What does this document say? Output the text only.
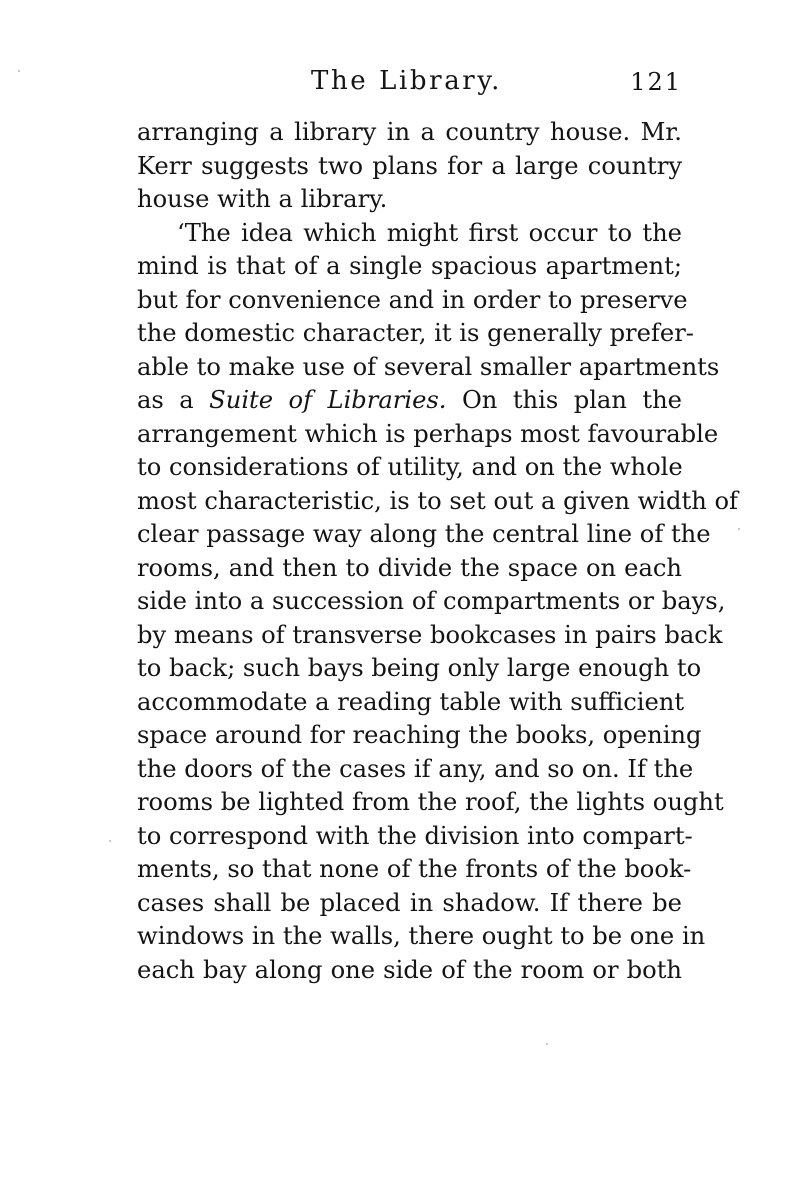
The Library.	121
arranging a library in a country house. Mr.
Kerr suggests two plans for a large country
house with a library.
‘The idea which might first occur to the
mind is that of a single spacious apartment;
but for convenience and in order to preserve
the domestic character, it is generally prefer-
able to make use of several smaller apartments
as a Suite of Libraries. On this plan the
arrangement which is perhaps most favourable
to considerations of utility, and on the whole
most characteristic, is to set out a given width of
clear passage way along the central line of the
rooms, and then to divide the space on each
side into a succession of compartments or bays,
by means of transverse bookcases in pairs back
to back; such bays being only large enough to
accommodate a reading table with sufficient
space around for reaching the books, opening
the doors of the cases if any, and so on. If the
rooms be lighted from the roof, the lights ought
to correspond with the division into compart-
ments, so that none of the fronts of the book-
cases shall be placed in shadow. If there be
windows in the walls, there ought to be one in
each bay along one side of the room or both
